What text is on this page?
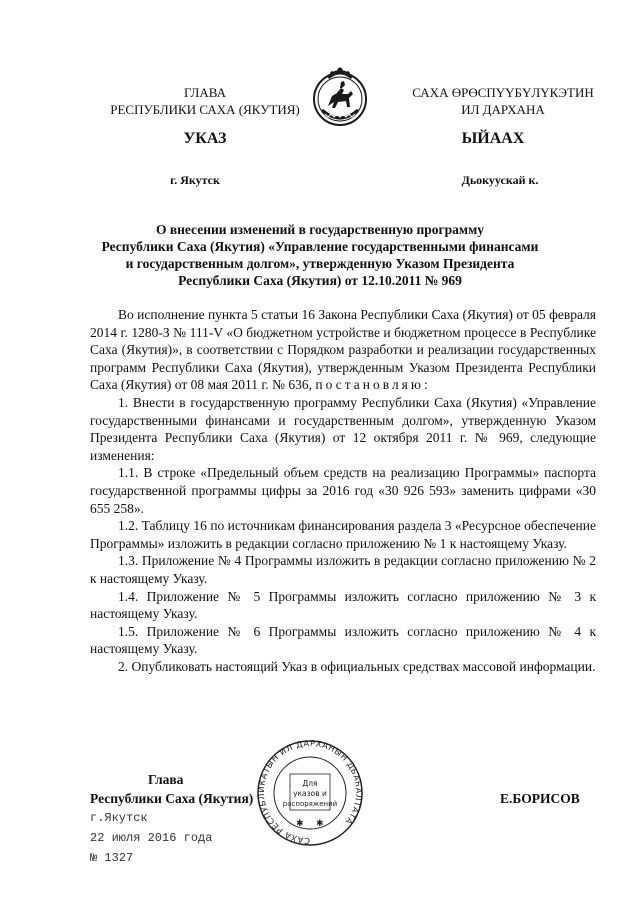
ГЛАВА
РЕСПУБЛИКИ САХА (ЯКУТИЯ)
САХА ӨРӨСПҮҮБҮЛҮКЭТИН
ИЛ ДАРХАНА
УКАЗ	ЫЙААХ
г. Якутск	Дьокуускай к.
О внесении изменений в государственную программу
Республики Саха (Якутия) «Управление государственными финансами
и государственным долгом», утвержденную Указом Президента
Республики Саха (Якутия) от 12.10.2011 № 969

Во исполнение пункта 5 статьи 16 Закона Республики Саха (Якутия) от 05 февраля 2014 г. 1280-З № 111-V «О бюджетном устройстве и бюджетном процессе в Республике Саха (Якутия)», в соответствии с Порядком разработки и реализации государственных программ Республики Саха (Якутия), утвержденным Указом Президента Республики Саха (Якутия) от 08 мая 2011 г. № 636, постановляю:

1. Внести в государственную программу Республики Саха (Якутия) «Управление государственными финансами и государственным долгом», утвержденную Указом Президента Республики Саха (Якутия) от 12 октября 2011 г. № 969, следующие изменения:

1.1. В строке «Предельный объем средств на реализацию Программы» паспорта государственной программы цифры за 2016 год «30 926 593» заменить цифрами «30 655 258».

1.2. Таблицу 16 по источникам финансирования раздела 3 «Ресурсное обеспечение Программы» изложить в редакции согласно приложению № 1 к настоящему Указу.

1.3. Приложение № 4 Программы изложить в редакции согласно приложению № 2 к настоящему Указу.

1.4. Приложение № 5 Программы изложить согласно приложению № 3 к настоящему Указу.

1.5. Приложение № 6 Программы изложить согласно приложению № 4 к настоящему Указу.

2. Опубликовать настоящий Указ в официальных средствах массовой информации.

САХА РЕСПУБЛИКАТЫН ИЛ ДАРХАНЫН ДЬАҺАЛТАТА
Для
указов и
распоряжений
✱ ✱
Глава
Республики Саха (Якутия)	Е.БОРИСОВ
г.Якутск
22 июля 2016 года
№ 1327
